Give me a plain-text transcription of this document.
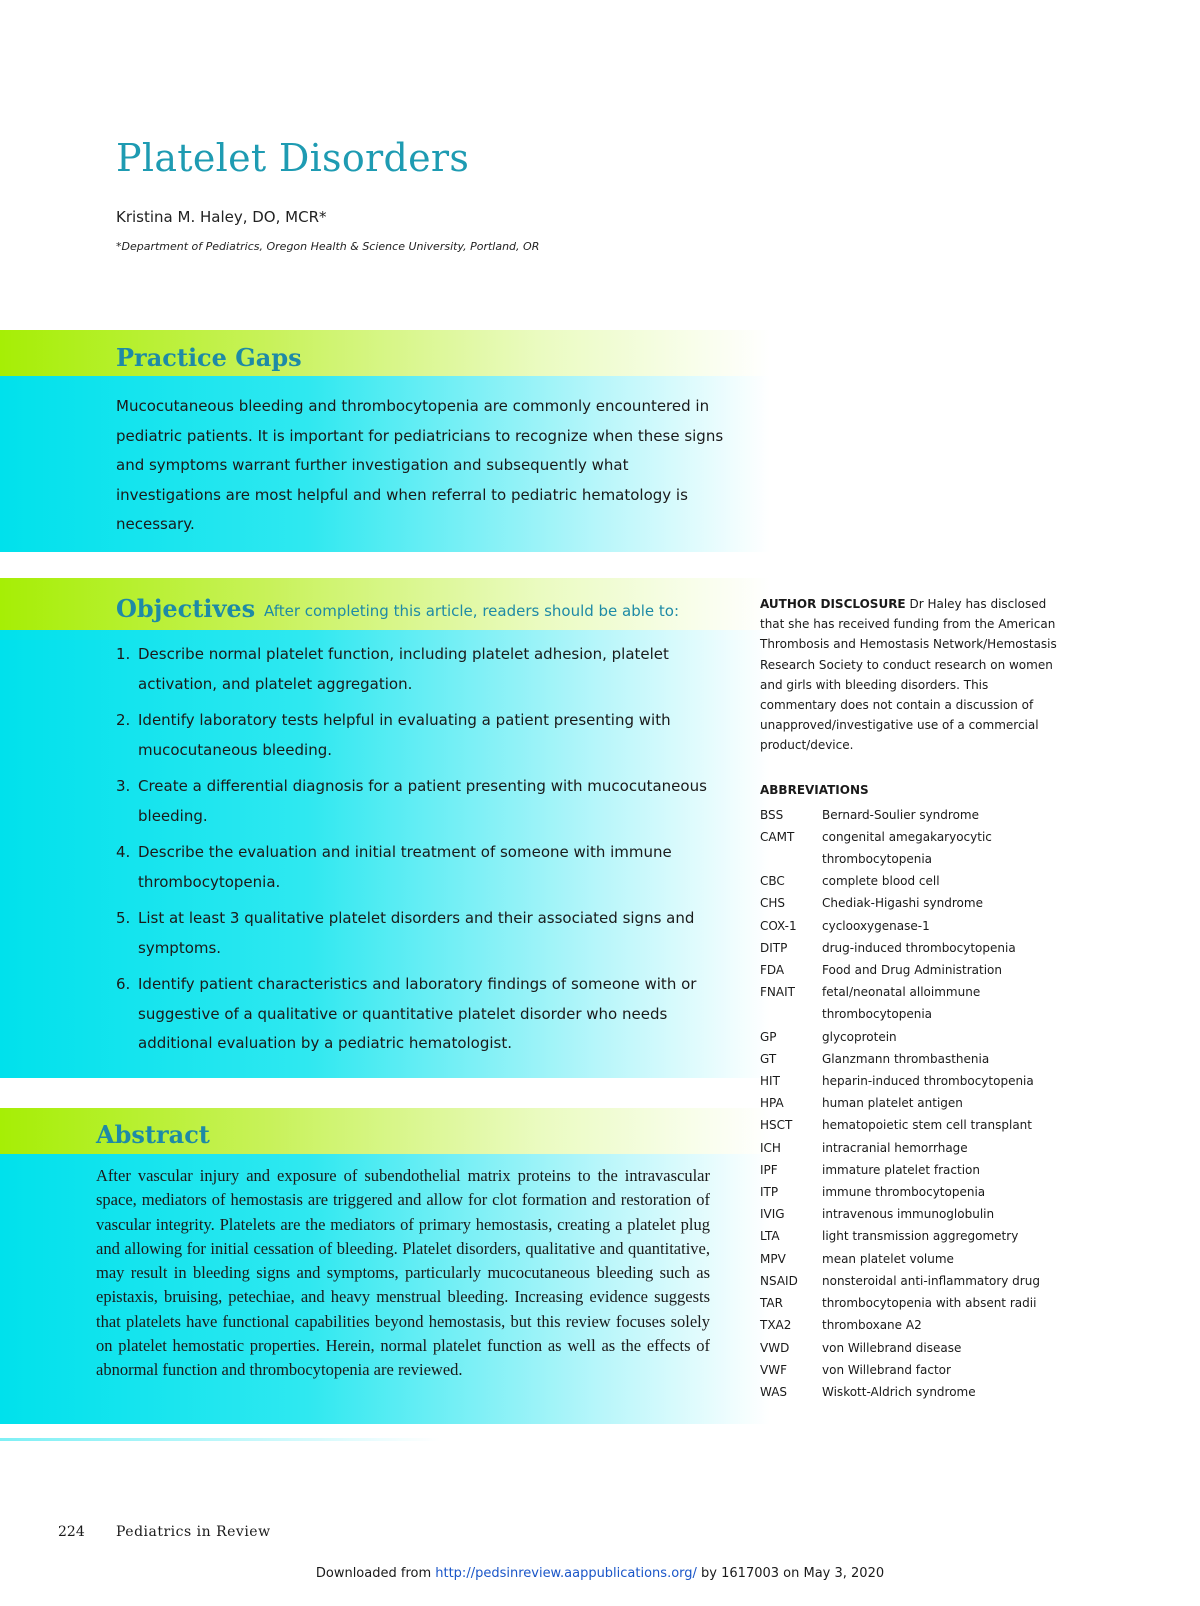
Platelet Disorders
Kristina M. Haley, DO, MCR*
*Department of Pediatrics, Oregon Health & Science University, Portland, OR
Practice Gaps

Mucocutaneous bleeding and thrombocytopenia are commonly encountered in pediatric patients. It is important for pediatricians to recognize when these signs and symptoms warrant further investigation and subsequently what investigations are most helpful and when referral to pediatric hematology is necessary.

Objectives After completing this article, readers should be able to:
1. Describe normal platelet function, including platelet adhesion, platelet activation, and platelet aggregation.
2. Identify laboratory tests helpful in evaluating a patient presenting with mucocutaneous bleeding.
3. Create a differential diagnosis for a patient presenting with mucocutaneous bleeding.
4. Describe the evaluation and initial treatment of someone with immune thrombocytopenia.
5. List at least 3 qualitative platelet disorders and their associated signs and symptoms.
6. Identify patient characteristics and laboratory findings of someone with or suggestive of a qualitative or quantitative platelet disorder who needs additional evaluation by a pediatric hematologist.
Abstract

After vascular injury and exposure of subendothelial matrix proteins to the intravascular space, mediators of hemostasis are triggered and allow for clot formation and restoration of vascular integrity. Platelets are the mediators of primary hemostasis, creating a platelet plug and allowing for initial cessation of bleeding. Platelet disorders, qualitative and quantitative, may result in bleeding signs and symptoms, particularly mucocutaneous bleeding such as epistaxis, bruising, petechiae, and heavy menstrual bleeding. Increasing evidence suggests that platelets have functional capabilities beyond hemostasis, but this review focuses solely on platelet hemostatic properties. Herein, normal platelet function as well as the effects of abnormal function and thrombocytopenia are reviewed.

AUTHOR DISCLOSURE Dr Haley has disclosed that she has received funding from the American Thrombosis and Hemostasis Network/Hemostasis Research Society to conduct research on women and girls with bleeding disorders. This commentary does not contain a discussion of unapproved/investigative use of a commercial product/device.

ABBREVIATIONS
BSS	Bernard-Soulier syndrome
CAMT	congenital amegakaryocytic thrombocytopenia
CBC	complete blood cell
CHS	Chediak-Higashi syndrome
COX-1	cyclooxygenase-1
DITP	drug-induced thrombocytopenia
FDA	Food and Drug Administration
FNAIT	fetal/neonatal alloimmune thrombocytopenia
GP	glycoprotein
GT	Glanzmann thrombasthenia
HIT	heparin-induced thrombocytopenia
HPA	human platelet antigen
HSCT	hematopoietic stem cell transplant
ICH	intracranial hemorrhage
IPF	immature platelet fraction
ITP	immune thrombocytopenia
IVIG	intravenous immunoglobulin
LTA	light transmission aggregometry
MPV	mean platelet volume
NSAID	nonsteroidal anti-inflammatory drug
TAR	thrombocytopenia with absent radii
TXA2	thromboxane A2
VWD	von Willebrand disease
VWF	von Willebrand factor
WAS	Wiskott-Aldrich syndrome
224 Pediatrics in Review
Downloaded from http://pedsinreview.aappublications.org/ by 1617003 on May 3, 2020
